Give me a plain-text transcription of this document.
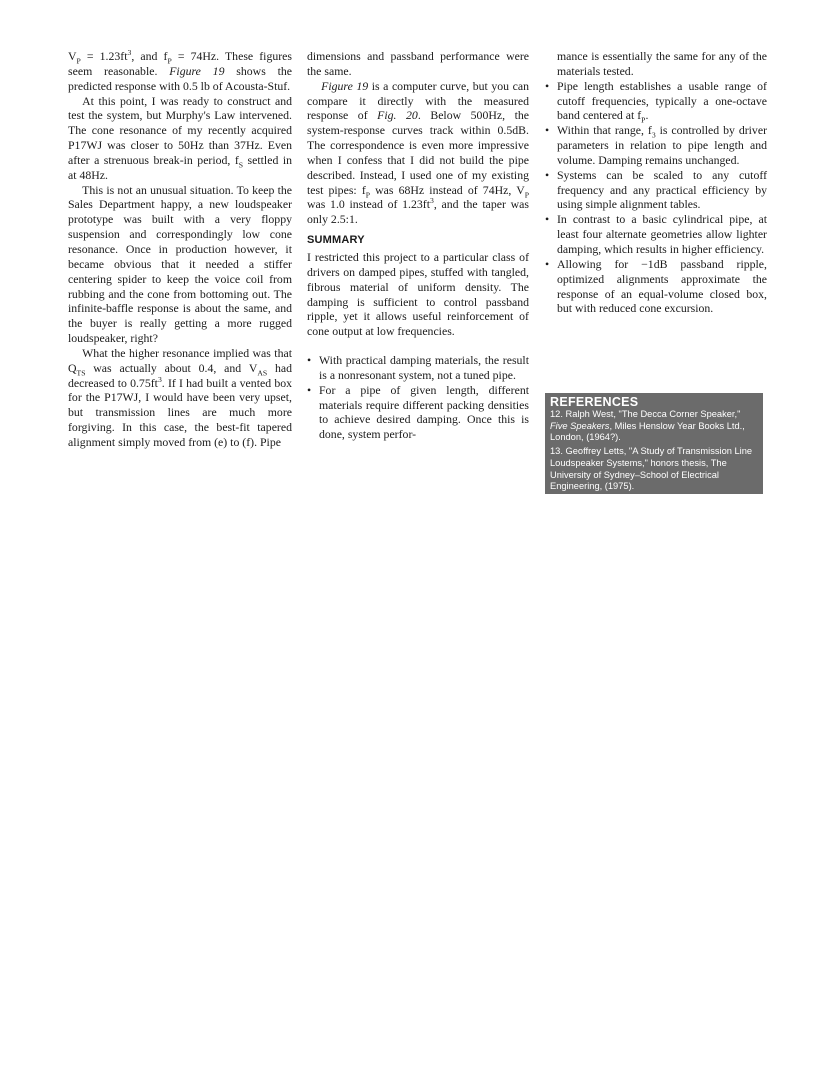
$V_P = 1.23ft^3$, and $f_P = 74Hz$. These figures seem reasonable. Figure 19 shows the predicted response with 0.5 lb of Acousta-Stuf.

At this point, I was ready to construct and test the system, but Murphy's Law intervened. The cone resonance of my recently acquired P17WJ was closer to 50Hz than 37Hz. Even after a strenuous break-in period, $f_S$ settled in at 48Hz.

This is not an unusual situation. To keep the Sales Department happy, a new loudspeaker prototype was built with a very floppy suspension and correspondingly low cone resonance. Once in production however, it became obvious that it needed a stiffer centering spider to keep the voice coil from rubbing and the cone from bottoming out. The infinite-baffle response is about the same, and the buyer is really getting a more rugged loudspeaker, right?

What the higher resonance implied was that $Q_{TS}$ was actually about 0.4, and $V_{AS}$ had decreased to $0.75ft^3$. If I had built a vented box for the P17WJ, I would have been very upset, but transmission lines are much more forgiving. In this case, the best-fit tapered alignment simply moved from (e) to (f). Pipe

dimensions and passband performance were the same.

Figure 19 is a computer curve, but you can compare it directly with the measured response of Fig. 20. Below 500Hz, the system-response curves track within 0.5dB. The correspondence is even more impressive when I confess that I did not build the pipe described. Instead, I used one of my existing test pipes: $f_P$ was 68Hz instead of 74Hz, $V_P$ was 1.0 instead of $1.23ft^3$, and the taper was only 2.5:1.

SUMMARY

I restricted this project to a particular class of drivers on damped pipes, stuffed with tangled, fibrous material of uniform density. The damping is sufficient to control passband ripple, yet it allows useful reinforcement of cone output at low frequencies.

• With practical damping materials, the result is a nonresonant system, not a tuned pipe.
• For a pipe of given length, different materials require different packing densities to achieve desired damping. Once this is done, system perfor-
mance is essentially the same for any of the materials tested.
• Pipe length establishes a usable range of cutoff frequencies, typically a one-octave band centered at $f_P$.
• Within that range, $f_3$ is controlled by driver parameters in relation to pipe length and volume. Damping remains unchanged.
• Systems can be scaled to any cutoff frequency and any practical efficiency by using simple alignment tables.
• In contrast to a basic cylindrical pipe, at least four alternate geometries allow lighter damping, which results in higher efficiency.
• Allowing for −1dB passband ripple, optimized alignments approximate the response of an equal-volume closed box, but with reduced cone excursion.
REFERENCES

12. Ralph West, "The Decca Corner Speaker," Five Speakers, Miles Henslow Year Books Ltd., London, (1964?).

13. Geoffrey Letts, "A Study of Transmission Line Loudspeaker Systems," honors thesis, The University of Sydney–School of Electrical Engineering, (1975).
